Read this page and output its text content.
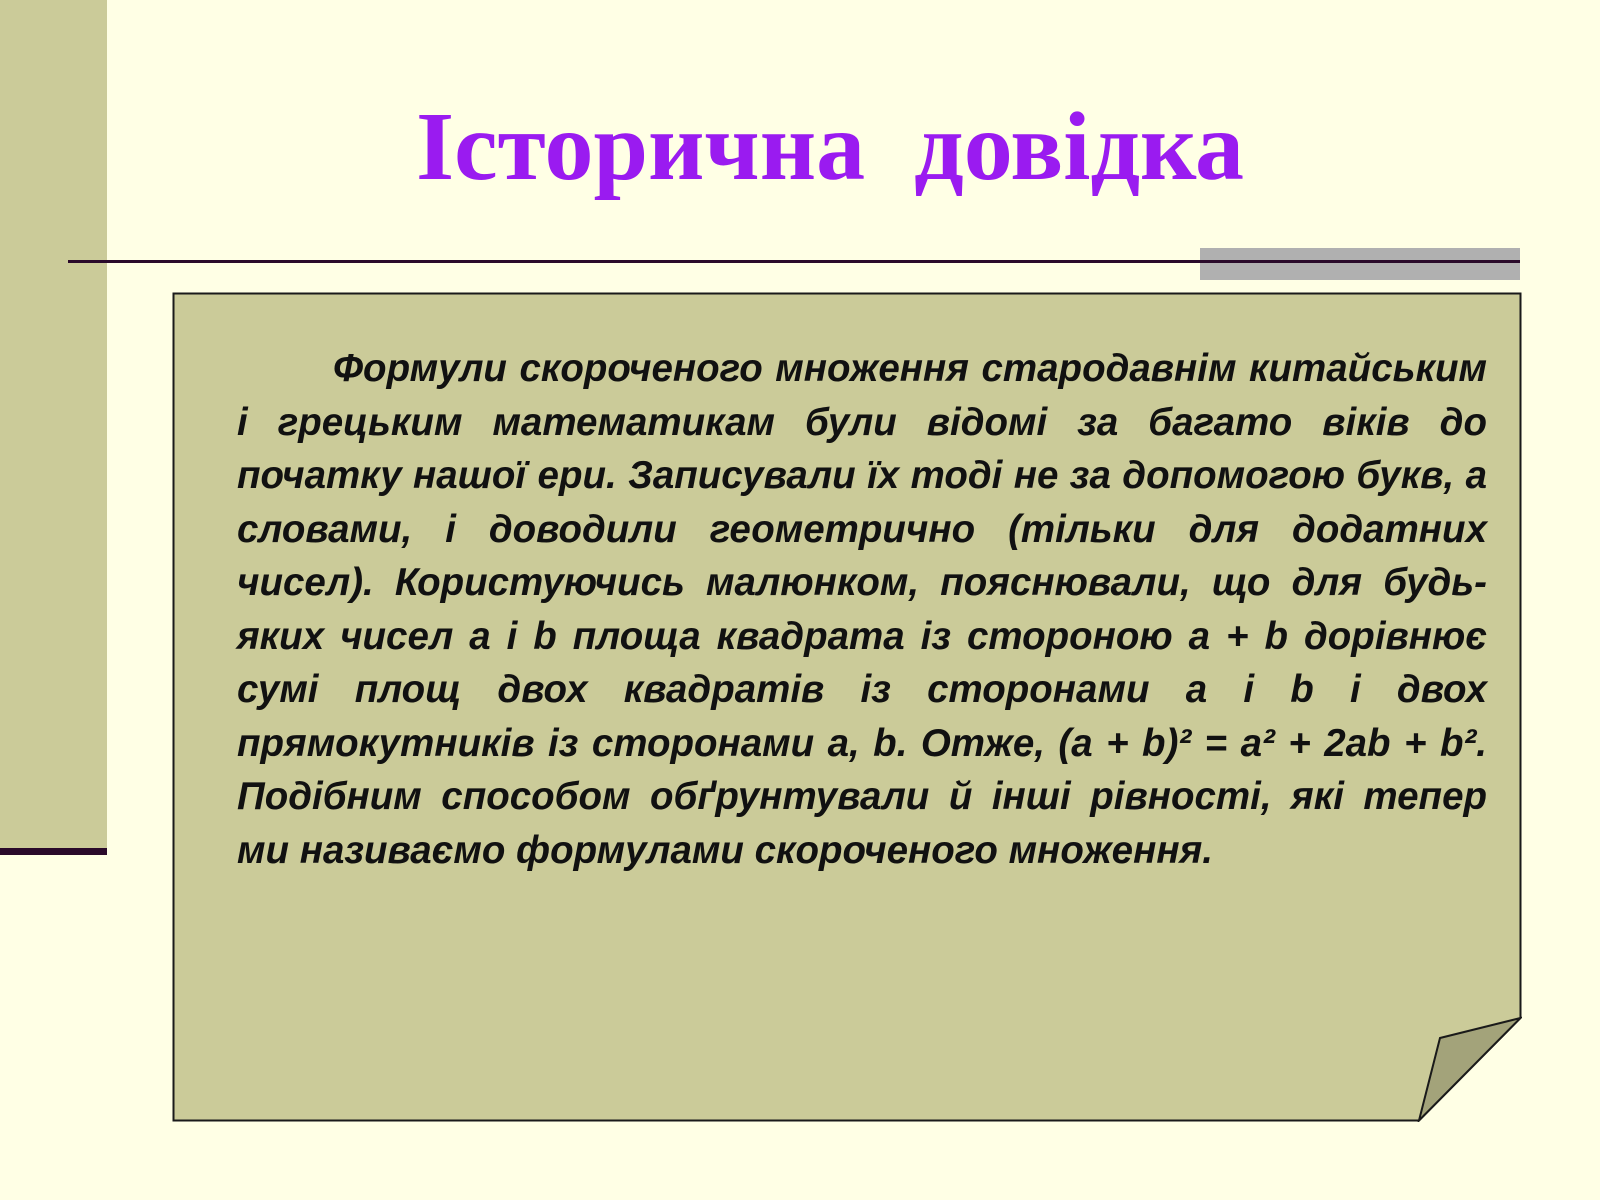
Історична  довідка

Формули скороченого множення стародавнім китайським і грецьким математикам були відомі за багато віків до початку нашої ери. Записували їх тоді не за допомогою букв, а словами, і доводили геометрично (тільки для додатних чисел). Користуючись малюнком, пояснювали, що для будь-яких чисел a і b площа квадрата із стороною a + b дорівнює сумі площ двох квадратів із сторонами a і b і двох прямокутників із сторонами a, b. Отже, (a + b)² = a² + 2ab + b². Подібним способом обґрунтували й інші рівності, які тепер ми називаємо формулами скороченого множення.
